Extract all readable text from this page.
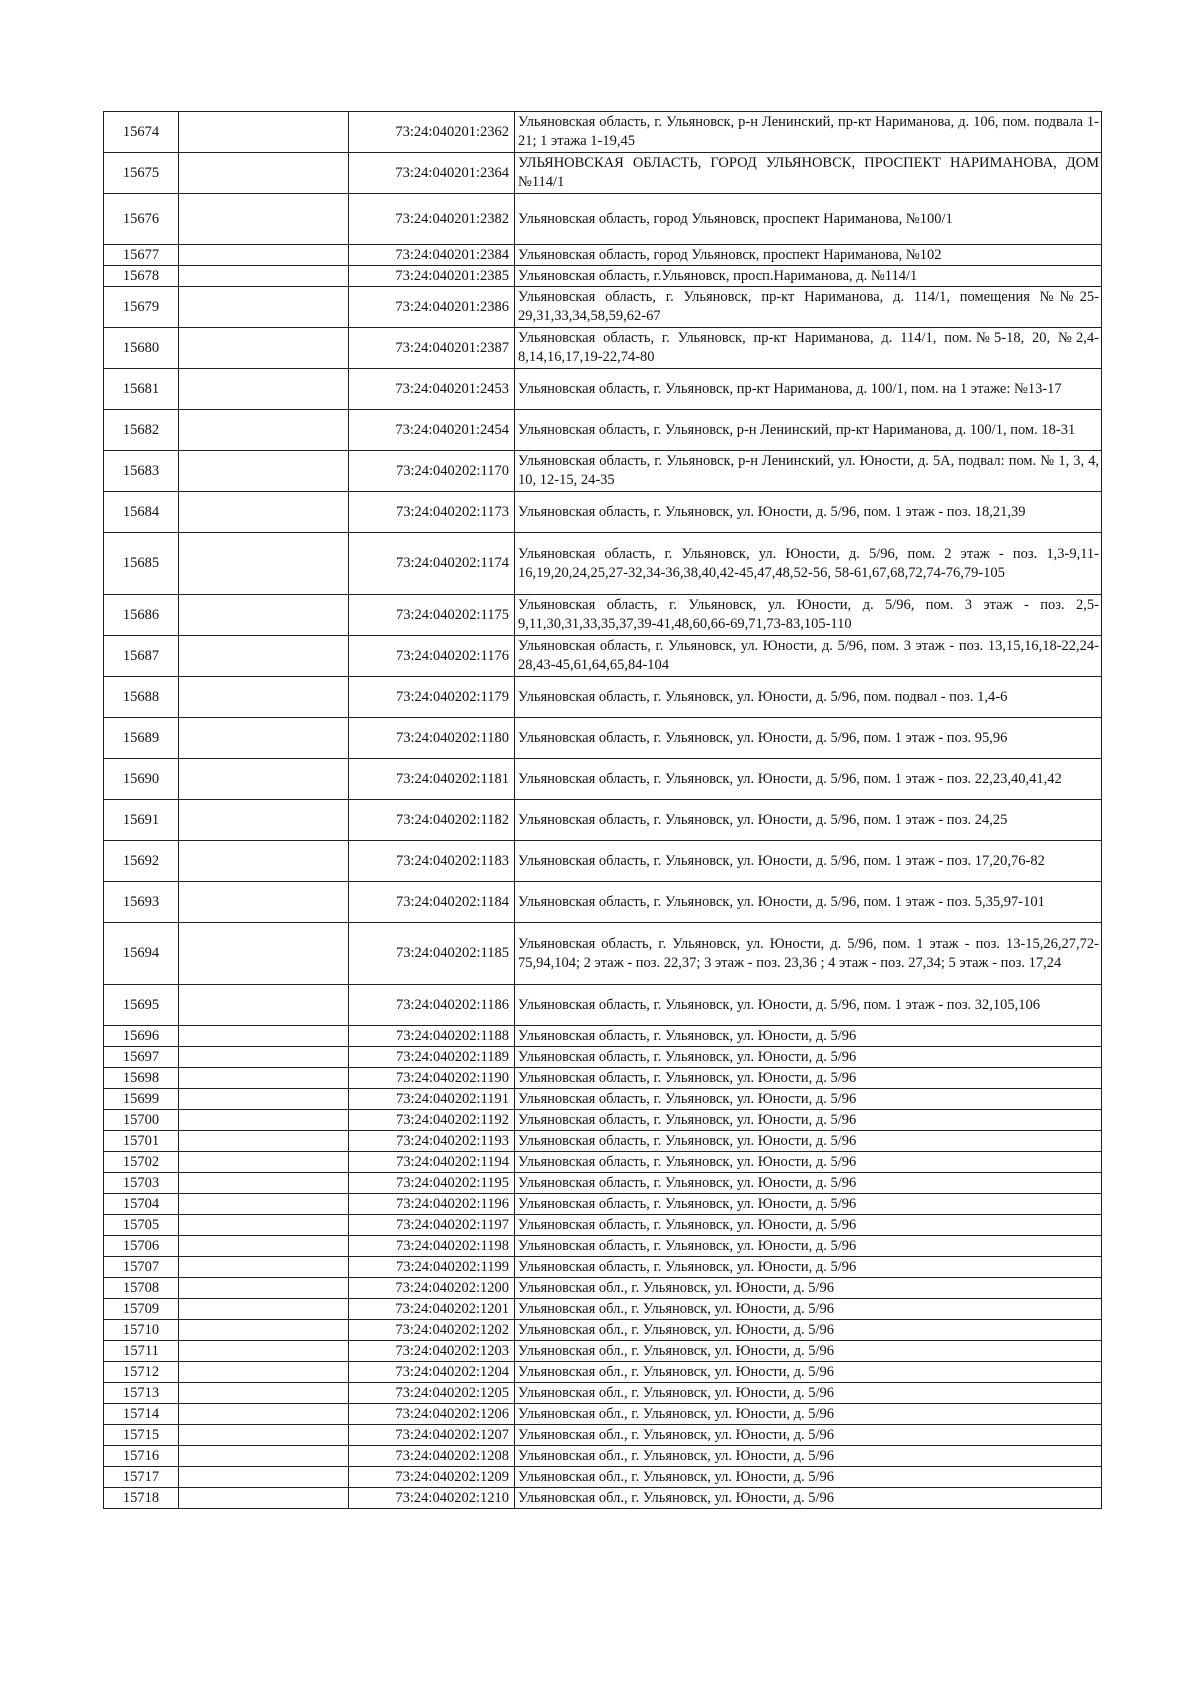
15674		73:24:040201:2362	Ульяновская область, г. Ульяновск, р-н Ленинский, пр-кт Нариманова, д. 106, пом. подвала 1-21; 1 этажа 1-19,45
15675		73:24:040201:2364	УЛЬЯНОВСКАЯ ОБЛАСТЬ, ГОРОД УЛЬЯНОВСК, ПРОСПЕКТ НАРИМАНОВА, ДОМ №114/1
15676		73:24:040201:2382	Ульяновская область, город Ульяновск, проспект Нариманова, №100/1
15677		73:24:040201:2384	Ульяновская область, город Ульяновск, проспект Нариманова, №102
15678		73:24:040201:2385	Ульяновская область, г.Ульяновск, просп.Нариманова, д. №114/1
15679		73:24:040201:2386	Ульяновская область, г. Ульяновск, пр-кт Нариманова, д. 114/1, помещения №№25-29,31,33,34,58,59,62-67
15680		73:24:040201:2387	Ульяновская область, г. Ульяновск, пр-кт Нариманова, д. 114/1, пом.№5-18, 20, №2,4-8,14,16,17,19-22,74-80
15681		73:24:040201:2453	Ульяновская область, г. Ульяновск, пр-кт Нариманова, д. 100/1, пом. на 1 этаже: №13-17
15682		73:24:040201:2454	Ульяновская область, г. Ульяновск, р-н Ленинский, пр-кт Нариманова, д. 100/1, пом. 18-31
15683		73:24:040202:1170	Ульяновская область, г. Ульяновск, р-н Ленинский, ул. Юности, д. 5А, подвал: пом. № 1, 3, 4, 10, 12-15, 24-35
15684		73:24:040202:1173	Ульяновская область, г. Ульяновск, ул. Юности, д. 5/96, пом. 1 этаж - поз. 18,21,39
15685		73:24:040202:1174	Ульяновская область, г. Ульяновск, ул. Юности, д. 5/96, пом. 2 этаж - поз. 1,3-9,11-16,19,20,24,25,27-32,34-36,38,40,42-45,47,48,52-56, 58-61,67,68,72,74-76,79-105
15686		73:24:040202:1175	Ульяновская область, г. Ульяновск, ул. Юности, д. 5/96, пом. 3 этаж - поз. 2,5-9,11,30,31,33,35,37,39-41,48,60,66-69,71,73-83,105-110
15687		73:24:040202:1176	Ульяновская область, г. Ульяновск, ул. Юности, д. 5/96, пом. 3 этаж - поз. 13,15,16,18-22,24-28,43-45,61,64,65,84-104
15688		73:24:040202:1179	Ульяновская область, г. Ульяновск, ул. Юности, д. 5/96, пом. подвал - поз. 1,4-6
15689		73:24:040202:1180	Ульяновская область, г. Ульяновск, ул. Юности, д. 5/96, пом. 1 этаж - поз. 95,96
15690		73:24:040202:1181	Ульяновская область, г. Ульяновск, ул. Юности, д. 5/96, пом. 1 этаж - поз. 22,23,40,41,42
15691		73:24:040202:1182	Ульяновская область, г. Ульяновск, ул. Юности, д. 5/96, пом. 1 этаж - поз. 24,25
15692		73:24:040202:1183	Ульяновская область, г. Ульяновск, ул. Юности, д. 5/96, пом. 1 этаж - поз. 17,20,76-82
15693		73:24:040202:1184	Ульяновская область, г. Ульяновск, ул. Юности, д. 5/96, пом. 1 этаж - поз. 5,35,97-101
15694		73:24:040202:1185	Ульяновская область, г. Ульяновск, ул. Юности, д. 5/96, пом. 1 этаж - поз. 13-15,26,27,72-75,94,104; 2 этаж - поз. 22,37; 3 этаж - поз. 23,36 ; 4 этаж - поз. 27,34; 5 этаж - поз. 17,24
15695		73:24:040202:1186	Ульяновская область, г. Ульяновск, ул. Юности, д. 5/96, пом. 1 этаж - поз. 32,105,106
15696		73:24:040202:1188	Ульяновская область, г. Ульяновск, ул. Юности, д. 5/96
15697		73:24:040202:1189	Ульяновская область, г. Ульяновск, ул. Юности, д. 5/96
15698		73:24:040202:1190	Ульяновская область, г. Ульяновск, ул. Юности, д. 5/96
15699		73:24:040202:1191	Ульяновская область, г. Ульяновск, ул. Юности, д. 5/96
15700		73:24:040202:1192	Ульяновская область, г. Ульяновск, ул. Юности, д. 5/96
15701		73:24:040202:1193	Ульяновская область, г. Ульяновск, ул. Юности, д. 5/96
15702		73:24:040202:1194	Ульяновская область, г. Ульяновск, ул. Юности, д. 5/96
15703		73:24:040202:1195	Ульяновская область, г. Ульяновск, ул. Юности, д. 5/96
15704		73:24:040202:1196	Ульяновская область, г. Ульяновск, ул. Юности, д. 5/96
15705		73:24:040202:1197	Ульяновская область, г. Ульяновск, ул. Юности, д. 5/96
15706		73:24:040202:1198	Ульяновская область, г. Ульяновск, ул. Юности, д. 5/96
15707		73:24:040202:1199	Ульяновская область, г. Ульяновск, ул. Юности, д. 5/96
15708		73:24:040202:1200	Ульяновская обл., г. Ульяновск, ул. Юности, д. 5/96
15709		73:24:040202:1201	Ульяновская обл., г. Ульяновск, ул. Юности, д. 5/96
15710		73:24:040202:1202	Ульяновская обл., г. Ульяновск, ул. Юности, д. 5/96
15711		73:24:040202:1203	Ульяновская обл., г. Ульяновск, ул. Юности, д. 5/96
15712		73:24:040202:1204	Ульяновская обл., г. Ульяновск, ул. Юности, д. 5/96
15713		73:24:040202:1205	Ульяновская обл., г. Ульяновск, ул. Юности, д. 5/96
15714		73:24:040202:1206	Ульяновская обл., г. Ульяновск, ул. Юности, д. 5/96
15715		73:24:040202:1207	Ульяновская обл., г. Ульяновск, ул. Юности, д. 5/96
15716		73:24:040202:1208	Ульяновская обл., г. Ульяновск, ул. Юности, д. 5/96
15717		73:24:040202:1209	Ульяновская обл., г. Ульяновск, ул. Юности, д. 5/96
15718		73:24:040202:1210	Ульяновская обл., г. Ульяновск, ул. Юности, д. 5/96
